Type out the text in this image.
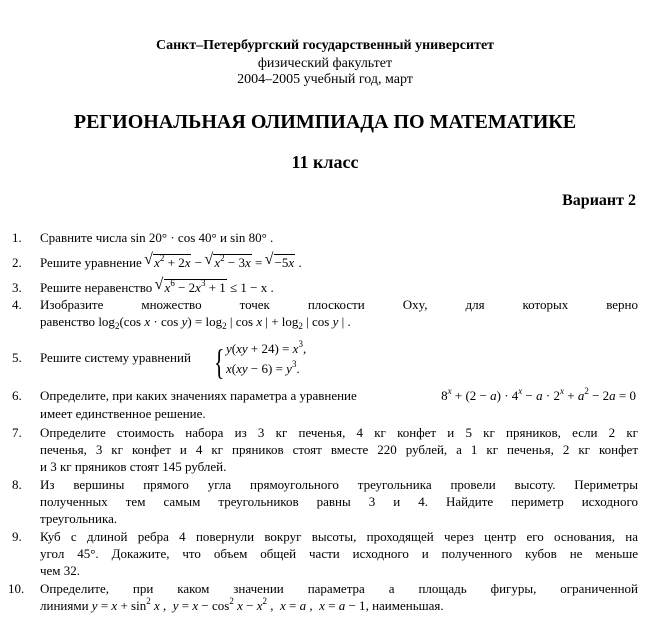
Санкт–Петербургский государственный университет
физический факультет
2004–2005 учебный год, март
РЕГИОНАЛЬНАЯ ОЛИМПИАДА ПО МАТЕМАТИКЕ
11 класс
Вариант 2
1. Сравните числа sin 20° · cos 40° и sin 80° .
2. Решите уравнение √ $x^2 + 2x$ − √ $x^2 - 3x$ = √ −5x .
3. Решите неравенство √ $x^6 - 2x^3 + 1 \le 1 - x$ .
4. Изобразите множество точек плоскости Oxy, для которых верно
равенство $\log_2(\cos$ $x \cdot \cos y) = \log_2$ | cos x | + $\log_2$ | cos y | .
5. Решите систему уравнений { $y(xy + 24) = x^3$,
$x(xy - 6) = y^3$.
6. Определите, при каких значениях параметра a уравнение	$8^x + (2 - a) \cdot 4^x - a \cdot 2^x + a^2 - 2a = 0$
имеет единственное решение.
7. Определите стоимость набора из 3 кг печенья, 4 кг конфет и 5 кг пряников, если 2 кг
печенья, 3 кг конфет и 4 кг пряников стоят вместе 220 рублей, а 1 кг печенья, 2 кг конфет
и 3 кг пряников стоят 145 рублей.
8. Из вершины прямого угла прямоугольного треугольника провели высоту. Периметры
полученных тем самым треугольников равны 3 и 4. Найдите периметр исходного
треугольника.
9. Куб с длиной ребра 4 повернули вокруг высоты, проходящей через центр его основания, на
угол 45°. Докажите, что объем общей части исходного и полученного кубов не меньше
чем 32.
10. Определите, при каком значении параметра a площадь фигуры, ограниченной
линиями $y = x + \sin^2 x$ ,  $y = x - \cos^2 x - x^2$ ,  x = a ,  x = a − 1, наименьшая.
